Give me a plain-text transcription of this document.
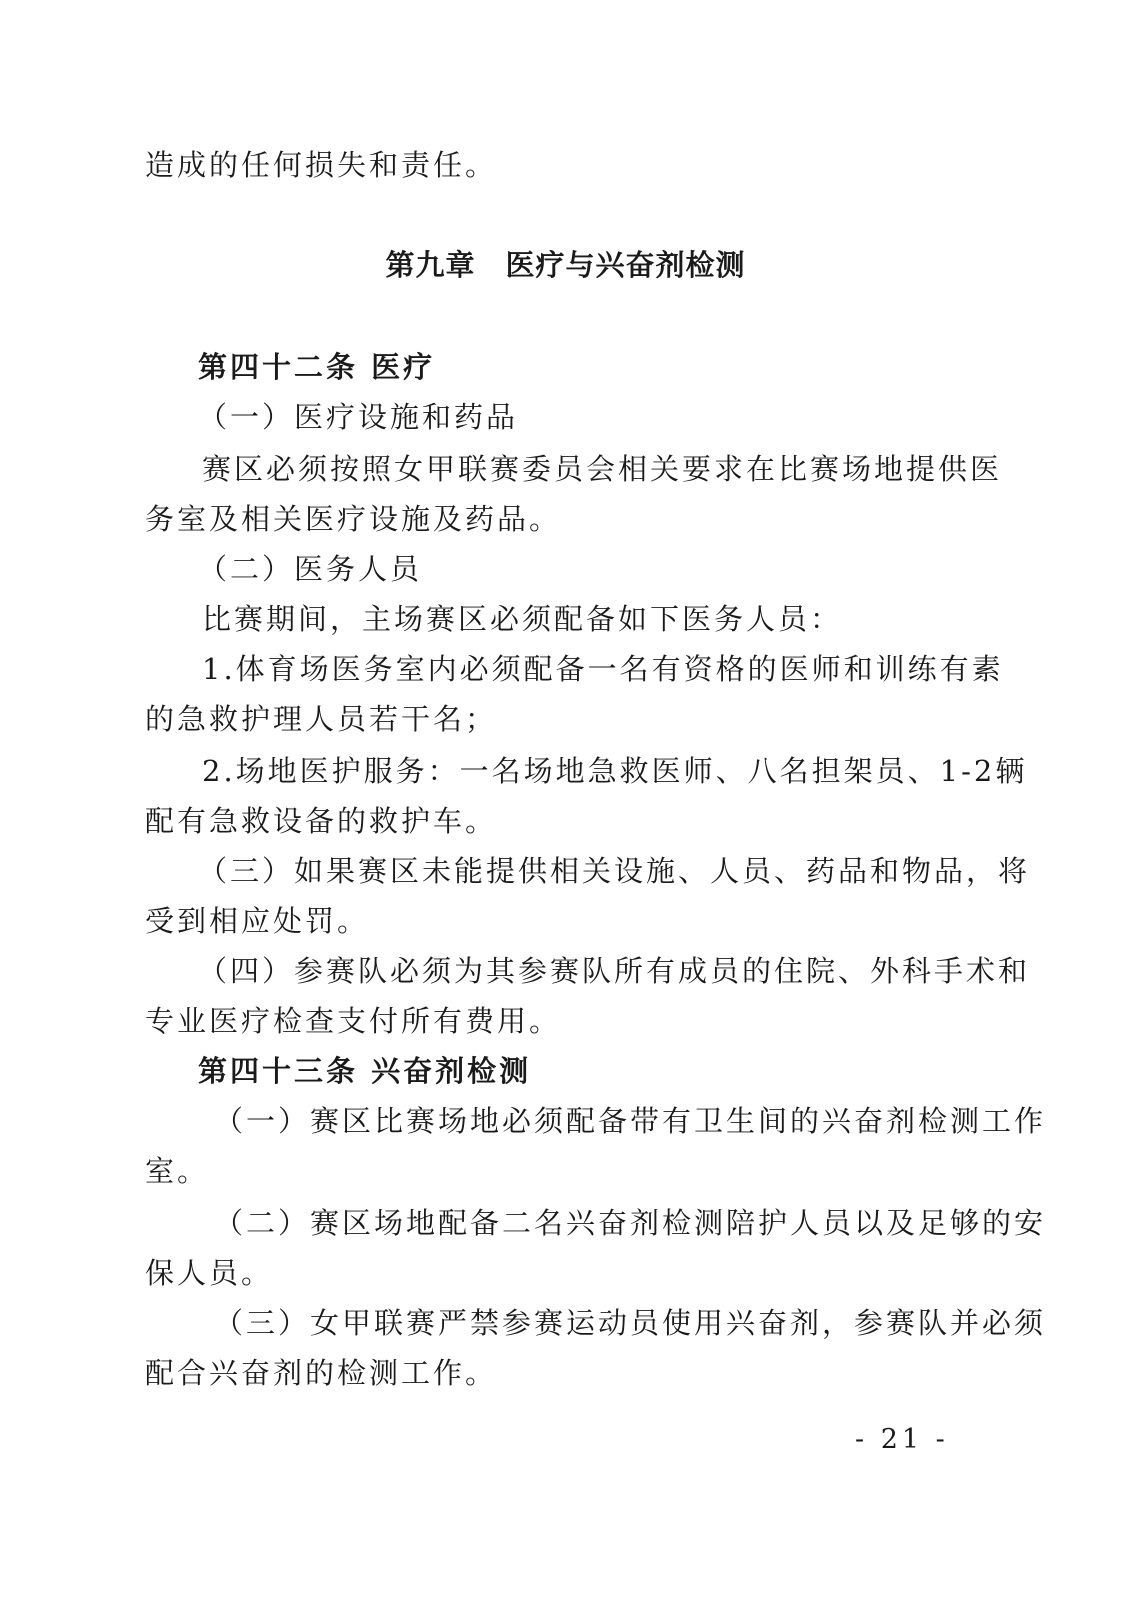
造成的任何损失和责任。
第九章　医疗与兴奋剂检测
第四十二条 医疗
（一）医疗设施和药品
赛区必须按照女甲联赛委员会相关要求在比赛场地提供医
务室及相关医疗设施及药品。
（二）医务人员
比赛期间，主场赛区必须配备如下医务人员：
1.体育场医务室内必须配备一名有资格的医师和训练有素
的急救护理人员若干名；
2.场地医护服务：一名场地急救医师、八名担架员、1-2辆
配有急救设备的救护车。
（三）如果赛区未能提供相关设施、人员、药品和物品，将
受到相应处罚。
（四）参赛队必须为其参赛队所有成员的住院、外科手术和
专业医疗检查支付所有费用。
第四十三条 兴奋剂检测
（一）赛区比赛场地必须配备带有卫生间的兴奋剂检测工作
室。
（二）赛区场地配备二名兴奋剂检测陪护人员以及足够的安
保人员。
（三）女甲联赛严禁参赛运动员使用兴奋剂，参赛队并必须
配合兴奋剂的检测工作。
- 21 -
